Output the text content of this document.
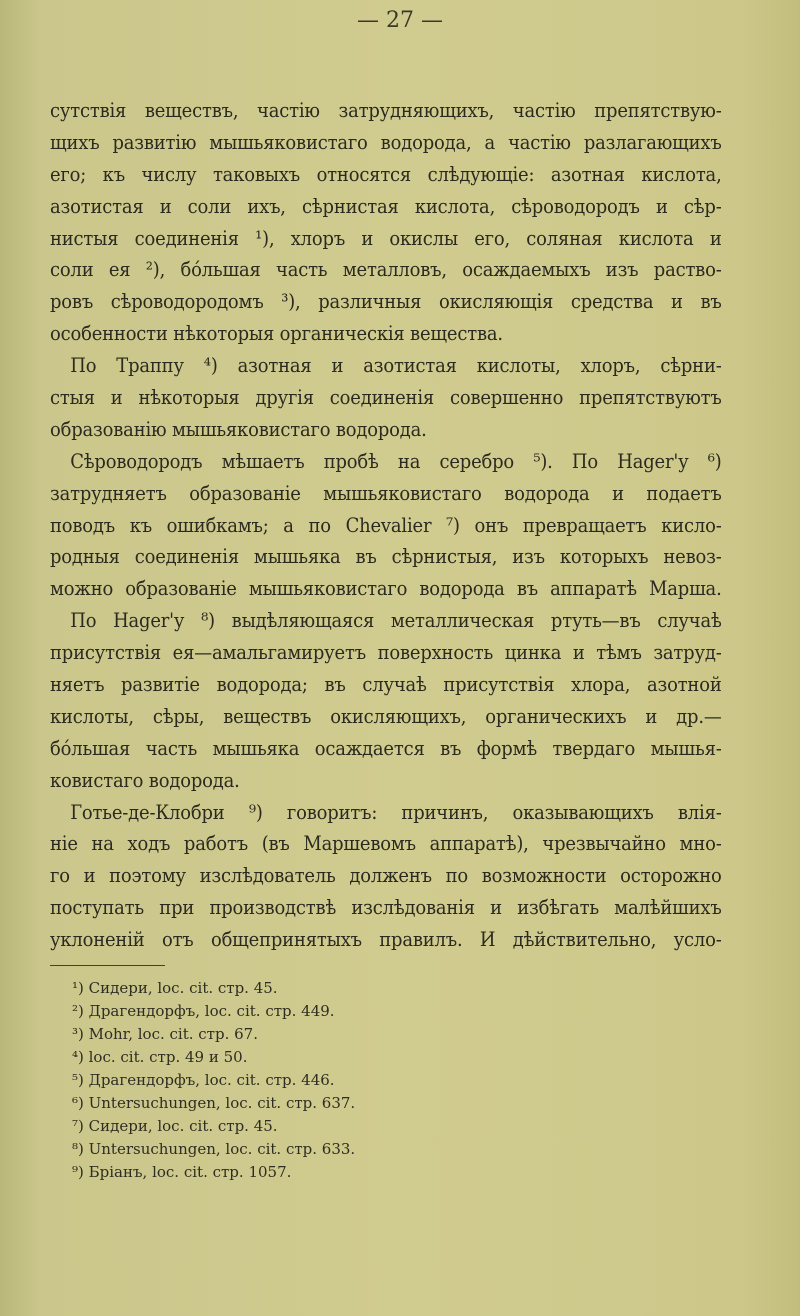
— 27 —
сутствія веществъ, частію затрудняющихъ, частію препятствую-
щихъ развитію мышьяковистаго водорода, а частію разлагающихъ
его; къ числу таковыхъ относятся слѣдующіе: азотная кислота,
азотистая и соли ихъ, сѣрнистая кислота, сѣроводородъ и сѣр-
нистыя соединенія ¹), хлоръ и окислы его, соляная кислота и
соли ея ²), бо́льшая часть металловъ, осаждаемыхъ изъ раство-
ровъ сѣроводородомъ ³), различныя окисляющія средства и въ
особенности нѣкоторыя органическія вещества.
По Траппу ⁴) азотная и азотистая кислоты, хлоръ, сѣрни-
стыя и нѣкоторыя другія соединенія совершенно препятствуютъ
образованію мышьяковистаго водорода.
Сѣроводородъ мѣшаетъ пробѣ на серебро ⁵). По Hager'у ⁶)
затрудняетъ образованіе мышьяковистаго водорода и подаетъ
поводъ къ ошибкамъ; а по Chevalier ⁷) онъ превращаетъ кисло-
родныя соединенія мышьяка въ сѣрнистыя, изъ которыхъ невоз-
можно образованіе мышьяковистаго водорода въ аппаратѣ Марша.
По Hager'у ⁸) выдѣляющаяся металлическая ртуть—въ случаѣ
присутствія ея—амальгамируетъ поверхность цинка и тѣмъ затруд-
няетъ развитіе водорода; въ случаѣ присутствія хлора, азотной
кислоты, сѣры, веществъ окисляющихъ, органическихъ и др.—
бо́льшая часть мышьяка осаждается въ формѣ твердаго мышья-
ковистаго водорода.
Готье-де-Клобри ⁹) говоритъ: причинъ, оказывающихъ влія-
ніе на ходъ работъ (въ Маршевомъ аппаратѣ), чрезвычайно мно-
го и поэтому изслѣдователь долженъ по возможности осторожно
поступать при производствѣ изслѣдованія и избѣгать малѣйшихъ
уклоненій отъ общепринятыхъ правилъ. И дѣйствительно, усло-
¹) Сидери, loc. cit. стр. 45.
²) Драгендорфъ, loc. cit. стр. 449.
³) Mohr, loc. cit. стр. 67.
⁴) loc. cit. стр. 49 и 50.
⁵) Драгендорфъ, loc. cit. стр. 446.
⁶) Untersuchungen, loc. cit. стр. 637.
⁷) Сидери, loc. cit. стр. 45.
⁸) Untersuchungen, loc. cit. стр. 633.
⁹) Бріанъ, loc. cit. стр. 1057.
